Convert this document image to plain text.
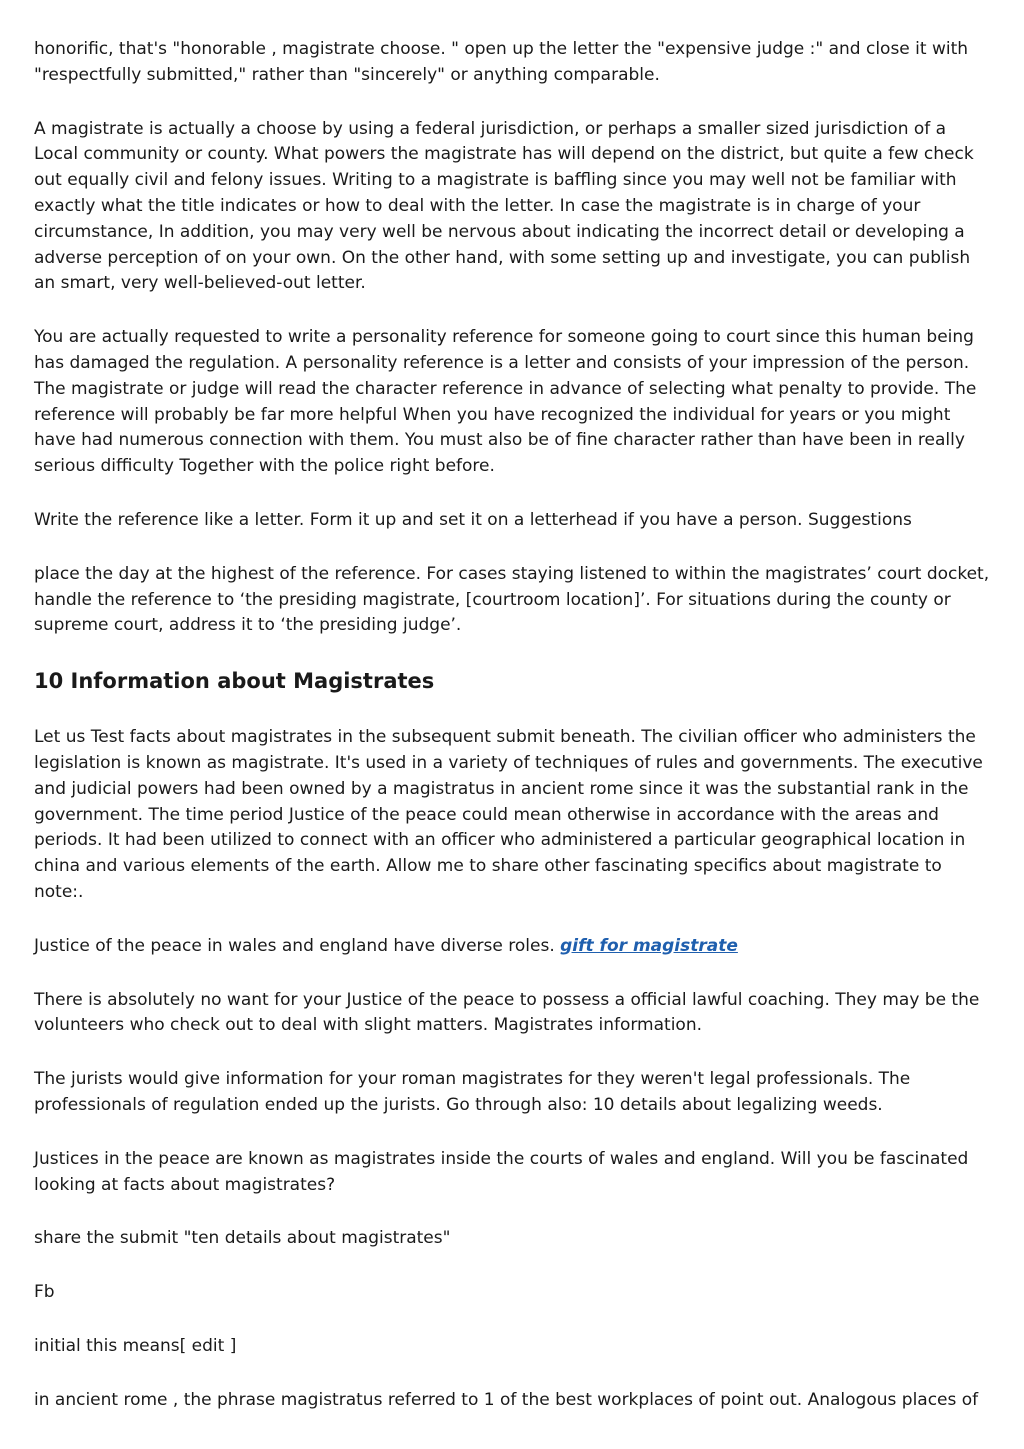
honorific, that's "honorable , magistrate choose. " open up the letter the "expensive judge :" and close it with "respectfully submitted," rather than "sincerely" or anything comparable.

A magistrate is actually a choose by using a federal jurisdiction, or perhaps a smaller sized jurisdiction of a Local community or county. What powers the magistrate has will depend on the district, but quite a few check out equally civil and felony issues. Writing to a magistrate is baffling since you may well not be familiar with exactly what the title indicates or how to deal with the letter. In case the magistrate is in charge of your circumstance, In addition, you may very well be nervous about indicating the incorrect detail or developing a adverse perception of on your own. On the other hand, with some setting up and investigate, you can publish an smart, very well-believed-out letter.

You are actually requested to write a personality reference for someone going to court since this human being has damaged the regulation. A personality reference is a letter and consists of your impression of the person. The magistrate or judge will read the character reference in advance of selecting what penalty to provide. The reference will probably be far more helpful When you have recognized the individual for years or you might have had numerous connection with them. You must also be of fine character rather than have been in really serious difficulty Together with the police right before.

Write the reference like a letter. Form it up and set it on a letterhead if you have a person. Suggestions

place the day at the highest of the reference. For cases staying listened to within the magistrates’ court docket, handle the reference to ‘the presiding magistrate, [courtroom location]’. For situations during the county or supreme court, address it to ‘the presiding judge’.

10 Information about Magistrates

Let us Test facts about magistrates in the subsequent submit beneath. The civilian officer who administers the legislation is known as magistrate. It's used in a variety of techniques of rules and governments. The executive and judicial powers had been owned by a magistratus in ancient rome since it was the substantial rank in the government. The time period Justice of the peace could mean otherwise in accordance with the areas and periods. It had been utilized to connect with an officer who administered a particular geographical location in china and various elements of the earth. Allow me to share other fascinating specifics about magistrate to note:.

Justice of the peace in wales and england have diverse roles. gift for magistrate

There is absolutely no want for your Justice of the peace to possess a official lawful coaching. They may be the volunteers who check out to deal with slight matters. Magistrates information.

The jurists would give information for your roman magistrates for they weren't legal professionals. The professionals of regulation ended up the jurists. Go through also: 10 details about legalizing weeds.

Justices in the peace are known as magistrates inside the courts of wales and england. Will you be fascinated looking at facts about magistrates?

share the submit "ten details about magistrates"

Fb

initial this means[ edit ]

in ancient rome , the phrase magistratus referred to 1 of the best workplaces of point out. Analogous places of
